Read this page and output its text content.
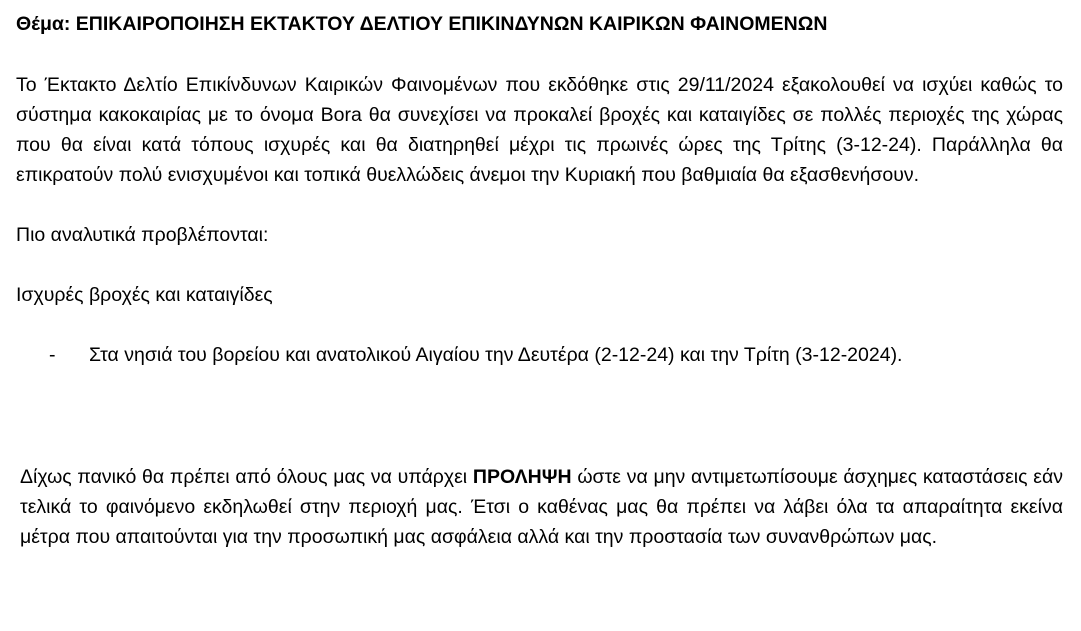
Θέμα: ΕΠΙΚΑΙΡΟΠΟΙΗΣΗ ΕΚΤΑΚΤΟΥ ΔΕΛΤΙΟΥ ΕΠΙΚΙΝΔΥΝΩΝ ΚΑΙΡΙΚΩΝ ΦΑΙΝΟΜΕΝΩΝ

Το Έκτακτο Δελτίο Επικίνδυνων Καιρικών Φαινομένων που εκδόθηκε στις 29/11/2024 εξακολουθεί να ισχύει καθώς το σύστημα κακοκαιρίας με το όνομα Bora θα συνεχίσει να προκαλεί βροχές και καταιγίδες σε πολλές περιοχές της χώρας που θα είναι κατά τόπους ισχυρές και θα διατηρηθεί μέχρι τις πρωινές ώρες της Τρίτης (3-12-24). Παράλληλα θα επικρατούν πολύ ενισχυμένοι και τοπικά θυελλώδεις άνεμοι την Κυριακή που βαθμιαία θα εξασθενήσουν.

Πιο αναλυτικά προβλέπονται:

Ισχυρές βροχές και καταιγίδες

-	Στα νησιά του βορείου και ανατολικού Αιγαίου την Δευτέρα (2-12-24) και την Τρίτη (3-12-2024).

Δίχως πανικό θα πρέπει από όλους μας να υπάρχει ΠΡΟΛΗΨΗ ώστε να μην αντιμετωπίσουμε άσχημες καταστάσεις εάν τελικά το φαινόμενο εκδηλωθεί στην περιοχή μας. Έτσι ο καθένας μας θα πρέπει να λάβει όλα τα απαραίτητα εκείνα μέτρα που απαιτούνται για την προσωπική μας ασφάλεια αλλά και την προστασία των συνανθρώπων μας.
